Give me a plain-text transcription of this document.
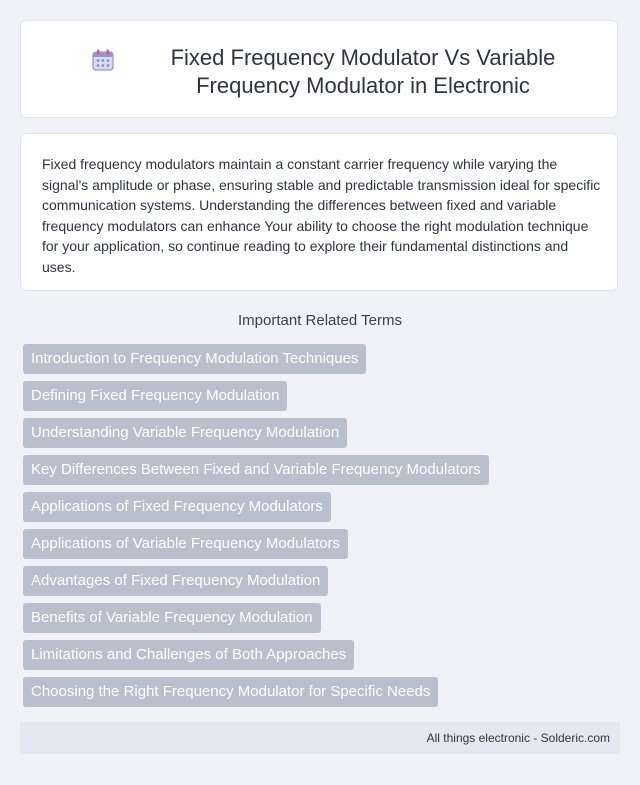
Fixed Frequency Modulator Vs Variable Frequency Modulator in Electronic

Fixed frequency modulators maintain a constant carrier frequency while varying the signal's amplitude or phase, ensuring stable and predictable transmission ideal for specific communication systems. Understanding the differences between fixed and variable frequency modulators can enhance Your ability to choose the right modulation technique for your application, so continue reading to explore their fundamental distinctions and uses.

Important Related Terms
Introduction to Frequency Modulation Techniques
Defining Fixed Frequency Modulation
Understanding Variable Frequency Modulation
Key Differences Between Fixed and Variable Frequency Modulators
Applications of Fixed Frequency Modulators
Applications of Variable Frequency Modulators
Advantages of Fixed Frequency Modulation
Benefits of Variable Frequency Modulation
Limitations and Challenges of Both Approaches
Choosing the Right Frequency Modulator for Specific Needs
All things electronic - Solderic.com
